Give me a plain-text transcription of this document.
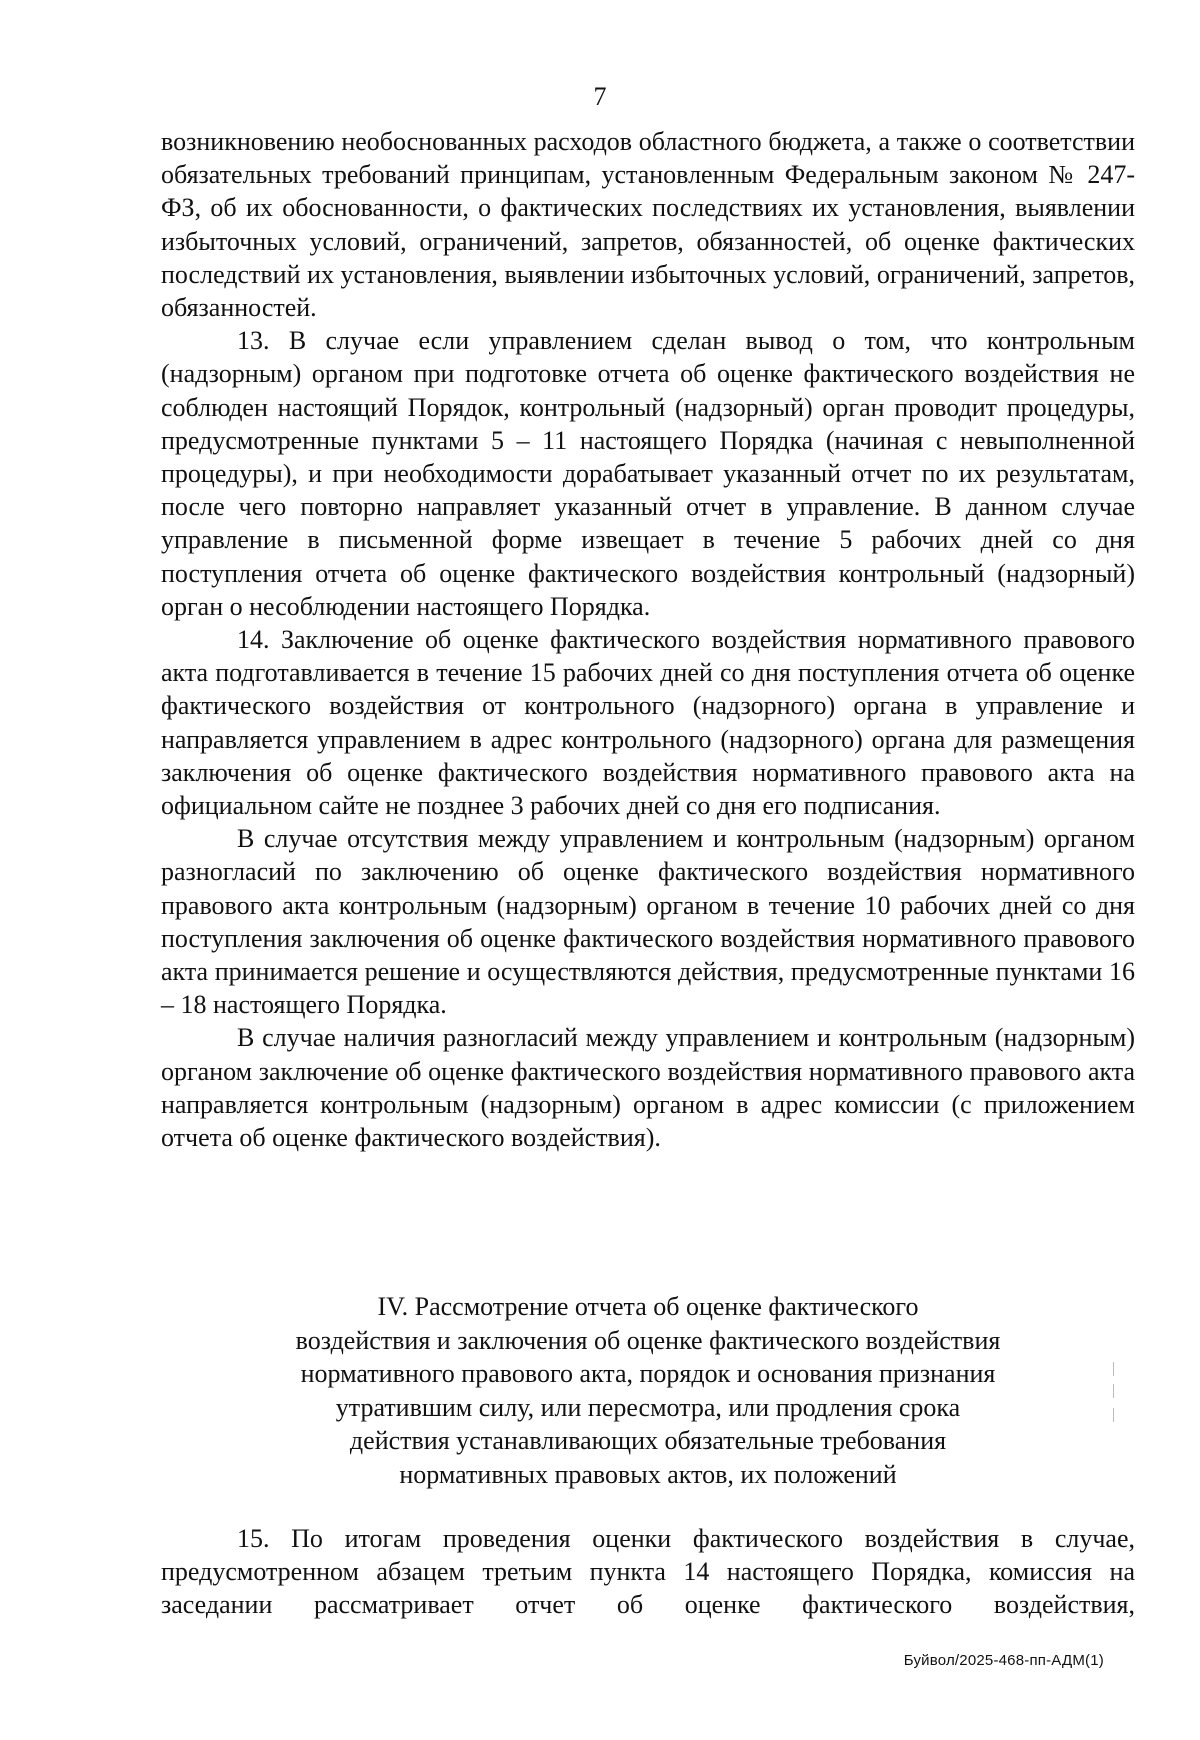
7

возникновению необоснованных расходов областного бюджета, а также о соответствии обязательных требований принципам, установленным Федеральным законом № 247-ФЗ, об их обоснованности, о фактических последствиях их установления, выявлении избыточных условий, ограничений, запретов, обязанностей, об оценке фактических последствий их установления, выявлении избыточных условий, ограничений, запретов, обязанностей.

13. В случае если управлением сделан вывод о том, что контрольным (надзорным) органом при подготовке отчета об оценке фактического воздействия не соблюден настоящий Порядок, контрольный (надзорный) орган проводит процедуры, предусмотренные пунктами 5 – 11 настоящего Порядка (начиная с невыполненной процедуры), и при необходимости дорабатывает указанный отчет по их результатам, после чего повторно направляет указанный отчет в управление. В данном случае управление в письменной форме извещает в течение 5 рабочих дней со дня поступления отчета об оценке фактического воздействия контрольный (надзорный) орган о несоблюдении настоящего Порядка.

14. Заключение об оценке фактического воздействия нормативного правового акта подготавливается в течение 15 рабочих дней со дня поступления отчета об оценке фактического воздействия от контрольного (надзорного) органа в управление и направляется управлением в адрес контрольного (надзорного) органа для размещения заключения об оценке фактического воздействия нормативного правового акта на официальном сайте не позднее 3 рабочих дней со дня его подписания.

В случае отсутствия между управлением и контрольным (надзорным) органом разногласий по заключению об оценке фактического воздействия нормативного правового акта контрольным (надзорным) органом в течение 10 рабочих дней со дня поступления заключения об оценке фактического воздействия нормативного правового акта принимается решение и осуществляются действия, предусмотренные пунктами 16 – 18 настоящего Порядка.

В случае наличия разногласий между управлением и контрольным (надзорным) органом заключение об оценке фактического воздействия нормативного правового акта направляется контрольным (надзорным) органом в адрес комиссии (с приложением отчета об оценке фактического воздействия).

IV. Рассмотрение отчета об оценке фактического
воздействия и заключения об оценке фактического воздействия
нормативного правового акта, порядок и основания признания
утратившим силу, или пересмотра, или продления срока
действия устанавливающих обязательные требования
нормативных правовых актов, их положений

15. По итогам проведения оценки фактического воздействия в случае, предусмотренном абзацем третьим пункта 14 настоящего Порядка, комиссия на заседании рассматривает отчет об оценке фактического воздействия,

Буйвол/2025-468-пп-АДМ(1)
